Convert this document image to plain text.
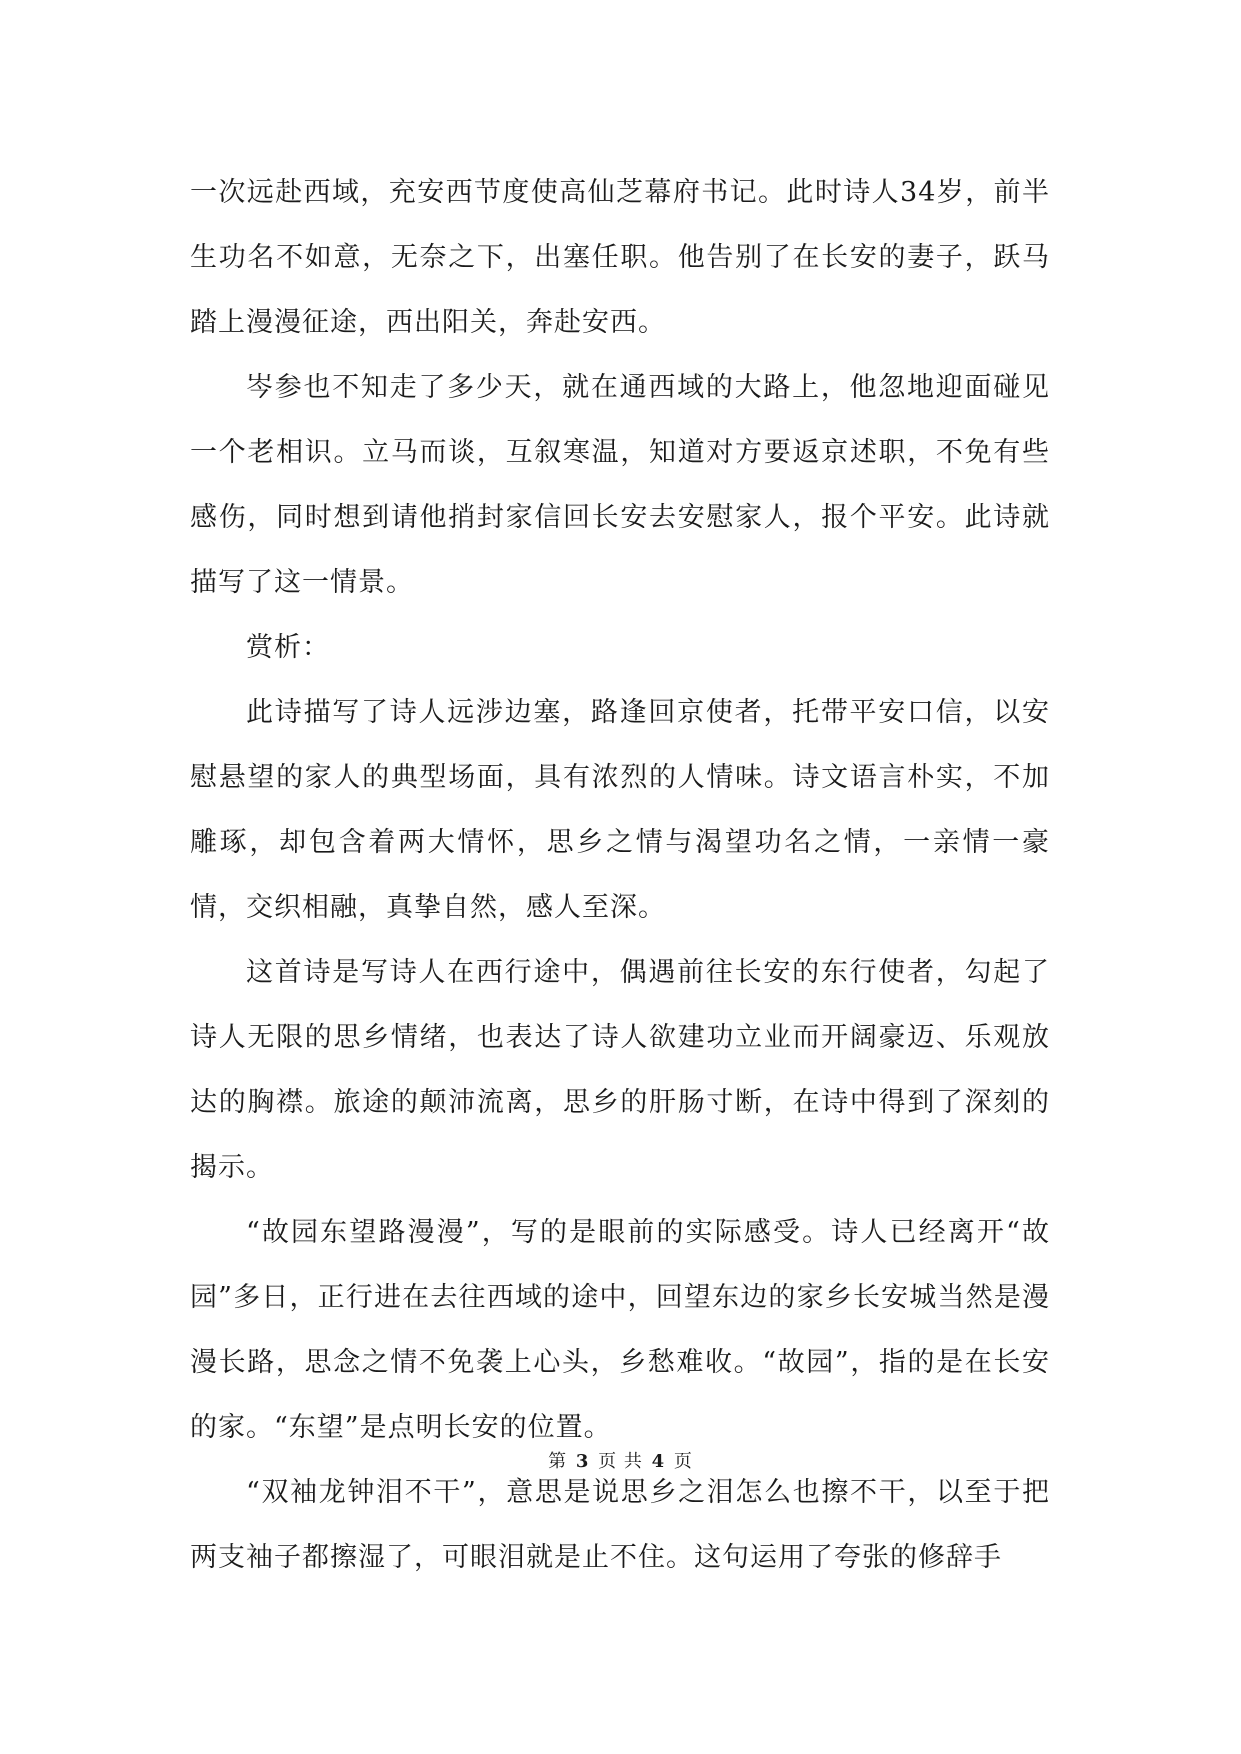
一次远赴西域，充安西节度使高仙芝幕府书记。此时诗人34岁，前半生功名不如意，无奈之下，出塞任职。他告别了在长安的妻子，跃马踏上漫漫征途，西出阳关，奔赴安西。

岑参也不知走了多少天，就在通西域的大路上，他忽地迎面碰见一个老相识。立马而谈，互叙寒温，知道对方要返京述职，不免有些感伤，同时想到请他捎封家信回长安去安慰家人，报个平安。此诗就描写了这一情景。

赏析：

此诗描写了诗人远涉边塞，路逢回京使者，托带平安口信，以安慰悬望的家人的典型场面，具有浓烈的人情味。诗文语言朴实，不加雕琢，却包含着两大情怀，思乡之情与渴望功名之情，一亲情一豪情，交织相融，真挚自然，感人至深。

这首诗是写诗人在西行途中，偶遇前往长安的东行使者，勾起了诗人无限的思乡情绪，也表达了诗人欲建功立业而开阔豪迈、乐观放达的胸襟。旅途的颠沛流离，思乡的肝肠寸断，在诗中得到了深刻的揭示。

“故园东望路漫漫”，写的是眼前的实际感受。诗人已经离开“故园”多日，正行进在去往西域的途中，回望东边的家乡长安城当然是漫漫长路，思念之情不免袭上心头，乡愁难收。“故园”，指的是在长安的家。“东望”是点明长安的位置。

“双袖龙钟泪不干”，意思是说思乡之泪怎么也擦不干，以至于把两支袖子都擦湿了，可眼泪就是止不住。这句运用了夸张的修辞手

第 3 页 共 4 页
